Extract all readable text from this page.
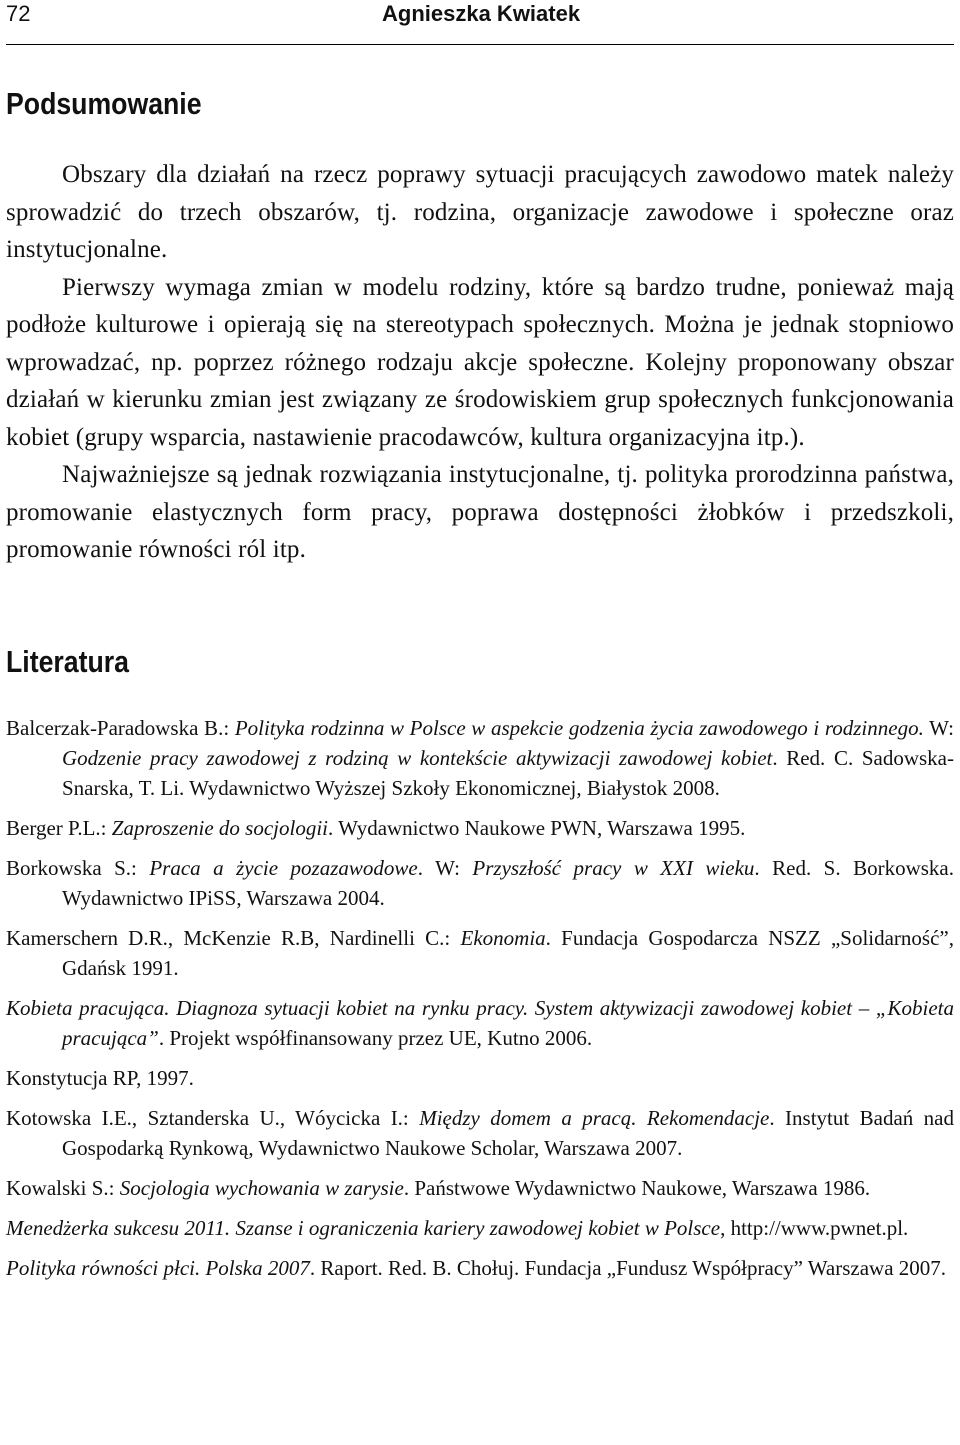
72	Agnieszka Kwiatek
Podsumowanie

Obszary dla działań na rzecz poprawy sytuacji pracujących zawodowo matek należy sprowadzić do trzech obszarów, tj. rodzina, organizacje zawodowe i społeczne oraz instytucjonalne.

Pierwszy wymaga zmian w modelu rodziny, które są bardzo trudne, ponieważ mają podłoże kulturowe i opierają się na stereotypach społecznych. Można je jednak stopniowo wprowadzać, np. poprzez różnego rodzaju akcje społeczne. Kolejny proponowany obszar działań w kierunku zmian jest związany ze środowiskiem grup społecznych funkcjonowania kobiet (grupy wsparcia, nastawienie pracodawców, kultura organizacyjna itp.).

Najważniejsze są jednak rozwiązania instytucjonalne, tj. polityka prorodzinna państwa, promowanie elastycznych form pracy, poprawa dostępności żłobków i przedszkoli, promowanie równości ról itp.

Literatura

Balcerzak-Paradowska B.: Polityka rodzinna w Polsce w aspekcie godzenia życia zawodowego i rodzinnego. W: Godzenie pracy zawodowej z rodziną w kontekście aktywizacji zawodowej kobiet. Red. C. Sadowska-Snarska, T. Li. Wydawnictwo Wyższej Szkoły Ekonomicznej, Białystok 2008.

Berger P.L.: Zaproszenie do socjologii. Wydawnictwo Naukowe PWN, Warszawa 1995.

Borkowska S.: Praca a życie pozazawodowe. W: Przyszłość pracy w XXI wieku. Red. S. Borkowska. Wydawnictwo IPiSS, Warszawa 2004.

Kamerschern D.R., McKenzie R.B, Nardinelli C.: Ekonomia. Fundacja Gospodarcza NSZZ „Solidarność”, Gdańsk 1991.

Kobieta pracująca. Diagnoza sytuacji kobiet na rynku pracy. System aktywizacji zawodowej kobiet – „Kobieta pracująca”. Projekt współfinansowany przez UE, Kutno 2006.

Konstytucja RP, 1997.

Kotowska I.E., Sztanderska U., Wóycicka I.: Między domem a pracą. Rekomendacje. Instytut Badań nad Gospodarką Rynkową, Wydawnictwo Naukowe Scholar, Warszawa 2007.

Kowalski S.: Socjologia wychowania w zarysie. Państwowe Wydawnictwo Naukowe, Warszawa 1986.

Menedżerka sukcesu 2011. Szanse i ograniczenia kariery zawodowej kobiet w Polsce, http://www.pwnet.pl.

Polityka równości płci. Polska 2007. Raport. Red. B. Chołuj. Fundacja „Fundusz Współpracy” Warszawa 2007.
